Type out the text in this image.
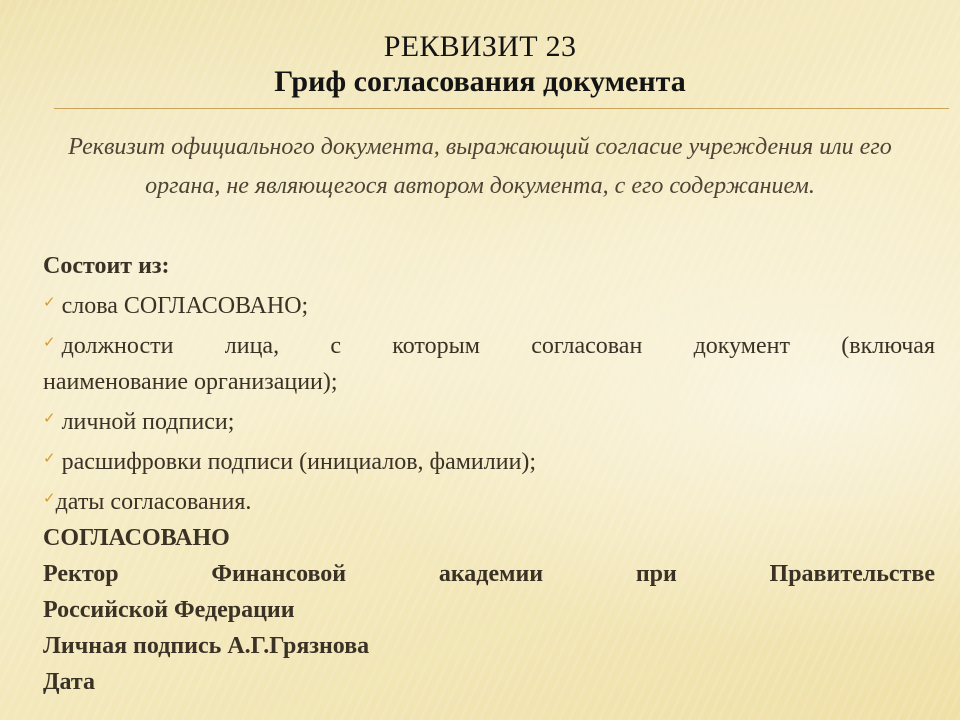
РЕКВИЗИТ 23
Гриф согласования документа
Реквизит официального документа, выражающий согласие учреждения или его органа, не являющегося автором документа, с его содержанием.
Состоит из:
✓ слова СОГЛАСОВАНО;
✓ должности лица, с которым согласован документ (включая
наименование организации);
✓ личной подписи;
✓ расшифровки подписи (инициалов, фамилии);
✓даты согласования.
СОГЛАСОВАНО
Ректор Финансовой академии при Правительстве
Российской Федерации
Личная подпись А.Г.Грязнова
Дата
